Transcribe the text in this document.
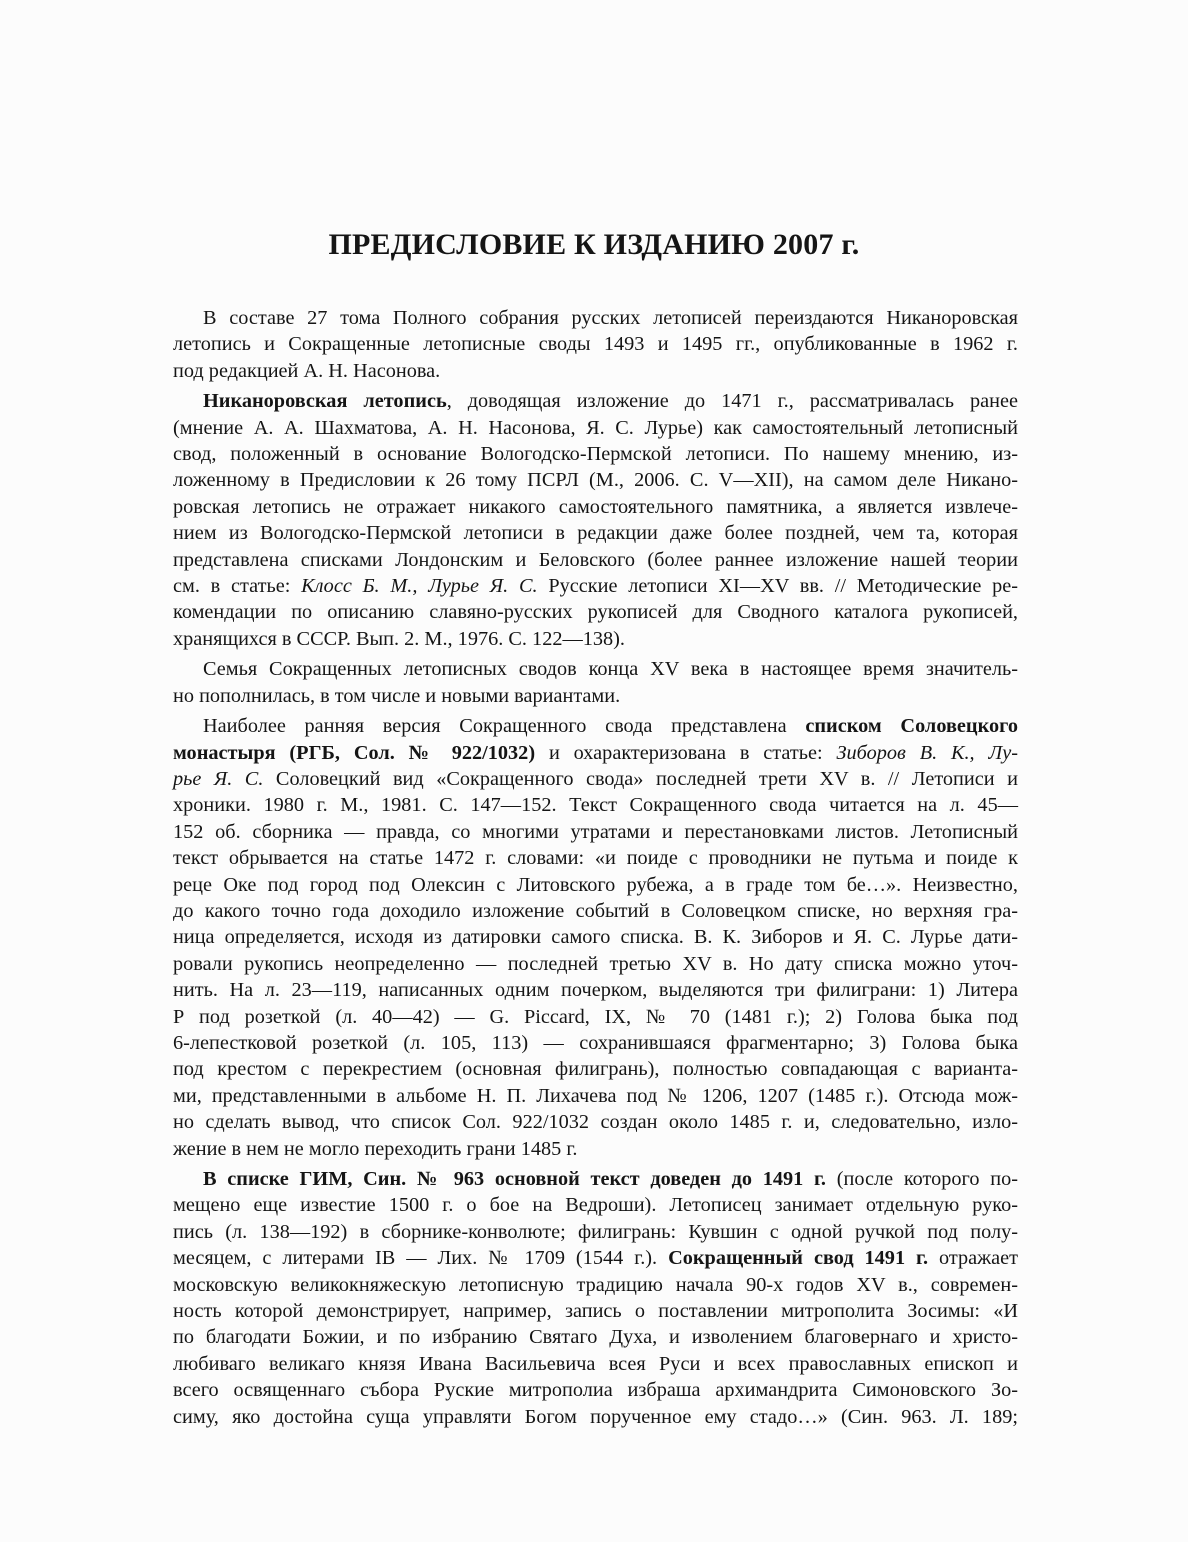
ПРЕДИСЛОВИЕ К ИЗДАНИЮ 2007 г.
В составе 27 тома Полного собрания русских летописей переиздаются Никаноровская
летопись и Сокращенные летописные своды 1493 и 1495 гг., опубликованные в 1962 г.
под редакцией А. Н. Насонова.
Никаноровская летопись, доводящая изложение до 1471 г., рассматривалась ранее
(мнение А. А. Шахматова, А. Н. Насонова, Я. С. Лурье) как самостоятельный летописный
свод, положенный в основание Вологодско-Пермской летописи. По нашему мнению, из-
ложенному в Предисловии к 26 тому ПСРЛ (М., 2006. С. V—XII), на самом деле Никано-
ровская летопись не отражает никакого самостоятельного памятника, а является извлече-
нием из Вологодско-Пермской летописи в редакции даже более поздней, чем та, которая
представлена списками Лондонским и Беловского (более раннее изложение нашей теории
см. в статье: Клосс Б. М., Лурье Я. С. Русские летописи XI—XV вв. // Методические ре-
комендации по описанию славяно-русских рукописей для Сводного каталога рукописей,
хранящихся в СССР. Вып. 2. М., 1976. С. 122—138).
Семья Сокращенных летописных сводов конца XV века в настоящее время значитель-
но пополнилась, в том числе и новыми вариантами.
Наиболее ранняя версия Сокращенного свода представлена списком Соловецкого
монастыря (РГБ, Сол. № 922/1032) и охарактеризована в статье: Зиборов В. К., Лу-
рье Я. С. Соловецкий вид «Сокращенного свода» последней трети XV в. // Летописи и
хроники. 1980 г. М., 1981. С. 147—152. Текст Сокращенного свода читается на л. 45—
152 об. сборника — правда, со многими утратами и перестановками листов. Летописный
текст обрывается на статье 1472 г. словами: «и поиде с проводники не путьма и поиде к
реце Оке под город под Олексин с Литовского рубежа, а в граде том бе…». Неизвестно,
до какого точно года доходило изложение событий в Соловецком списке, но верхняя гра-
ница определяется, исходя из датировки самого списка. В. К. Зиборов и Я. С. Лурье дати-
ровали рукопись неопределенно — последней третью XV в. Но дату списка можно уточ-
нить. На л. 23—119, написанных одним почерком, выделяются три филиграни: 1) Литера
Р под розеткой (л. 40—42) — G. Piccard, IX, № 70 (1481 г.); 2) Голова быка под
6-лепестковой розеткой (л. 105, 113) — сохранившаяся фрагментарно; 3) Голова быка
под крестом с перекрестием (основная филигрань), полностью совпадающая с варианта-
ми, представленными в альбоме Н. П. Лихачева под № 1206, 1207 (1485 г.). Отсюда мож-
но сделать вывод, что список Сол. 922/1032 создан около 1485 г. и, следовательно, изло-
жение в нем не могло переходить грани 1485 г.
В списке ГИМ, Син. № 963 основной текст доведен до 1491 г. (после которого по-
мещено еще известие 1500 г. о бое на Ведроши). Летописец занимает отдельную руко-
пись (л. 138—192) в сборнике-конволюте; филигрань: Кувшин с одной ручкой под полу-
месяцем, с литерами IВ — Лих. № 1709 (1544 г.). Сокращенный свод 1491 г. отражает
московскую великокняжескую летописную традицию начала 90-х годов XV в., современ-
ность которой демонстрирует, например, запись о поставлении митрополита Зосимы: «И
по благодати Божии, и по избранию Святаго Духа, и изволением благовернаго и христо-
любиваго великаго князя Ивана Васильевича всея Руси и всех православных епископ и
всего освященнаго събора Руские митрополиа избраша архимандрита Симоновского Зо-
симу, яко достойна суща управляти Богом порученное ему стадо…» (Син. 963. Л. 189;
